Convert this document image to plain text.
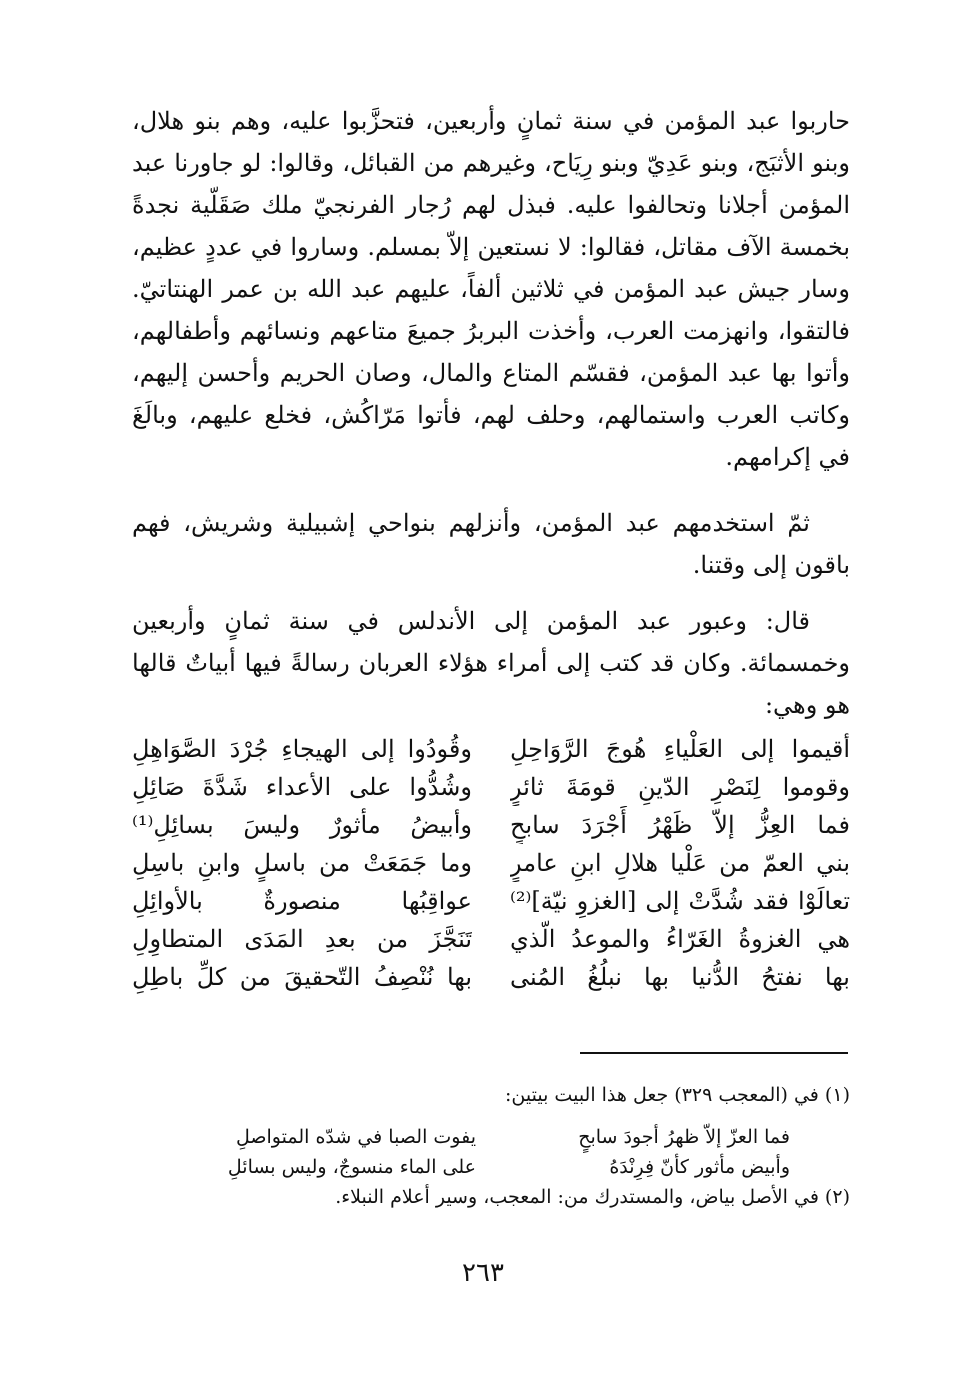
حاربوا عبد المؤمن في سنة ثمانٍ وأربعين، فتحزَّبوا عليه، وهم بنو هلال، وبنو الأثبَج، وبنو عَدِيّ وبنو رِيَاح، وغيرهم من القبائل، وقالوا: لو جاورنا عبد المؤمن أجلانا وتحالفوا عليه. فبذل لهم رُجار الفرنجيّ ملك صَقَلّية نجدةً بخمسة الآف مقاتل، فقالوا: لا نستعين إلاّ بمسلم. وساروا في عددٍ عظيم، وسار جيش عبد المؤمن في ثلاثين ألفاً، عليهم عبد الله بن عمر الهنتاتيّ. فالتقوا، وانهزمت العرب، وأخذت البربرُ جميعَ متاعهم ونسائهم وأطفالهم، وأتوا بها عبد المؤمن، فقسّم المتاع والمال، وصان الحريم وأحسن إليهم، وكاتب العرب واستمالهم، وحلف لهم، فأتوا مَرّاكُش، فخلع عليهم، وبالَغَ في إكرامهم.

ثمّ استخدمهم عبد المؤمن، وأنزلهم بنواحي إشبيلية وشريش، فهم باقون إلى وقتنا.

قال: وعبور عبد المؤمن إلى الأندلس في سنة ثمانٍ وأربعين وخمسمائة. وكان قد كتب إلى أمراء هؤلاء العربان رسالةً فيها أبياتٌ قالها هو وهي:

أقيموا إلى العَلْياءِ هُوجَ الرَّوَاحِلِ
وقُودُوا إلى الهيجاءِ جُرْدَ الصَّوَاهِلِ
وقوموا لِنَصْرِ الدّينِ قومَةَ ثائرٍ
وشُدُّوا على الأعداء شَدَّةَ صَائِلِ
فما العِزُّ إلاّ ظَهْرُ أَجْرَدَ سابحٍ
وأبيضُ مأثورٌ وليسَ بسائِلِ⁽¹⁾
بني العمّ من عَلْيا هلالِ ابنِ عامرٍ
وما جَمَعَتْ من باسلٍ وابنِ باسِلِ
تعالَوْا فقد شُدَّتْ إلى [الغزوِ نيّة]⁽²⁾
عواقِبُها منصورةٌ بالأوائِلِ
هي الغزوةُ الغَرّاءُ والموعدُ الّذي
تَنَجَّزَ من بعدِ المَدَى المتطاوِلِ
بها نفتحُ الدُّنيا بها نبلُغُ المُنى
بها نُنْصِفُ التّحقيقَ من كلِّ باطِلِ

(١) في (المعجب ٣٢٩) جعل هذا البيت بيتين:

فما العزّ إلاّ ظهرُ أجودَ سابحٍ
يفوت الصبا في شدّه المتواصلِ
وأبيض مأثور كأنّ فِرِنْدَهُ
على الماء منسوجٌ، وليس بسائلِ

(٢) في الأصل بياض، والمستدرك من: المعجب، وسير أعلام النبلاء.

٢٦٣
